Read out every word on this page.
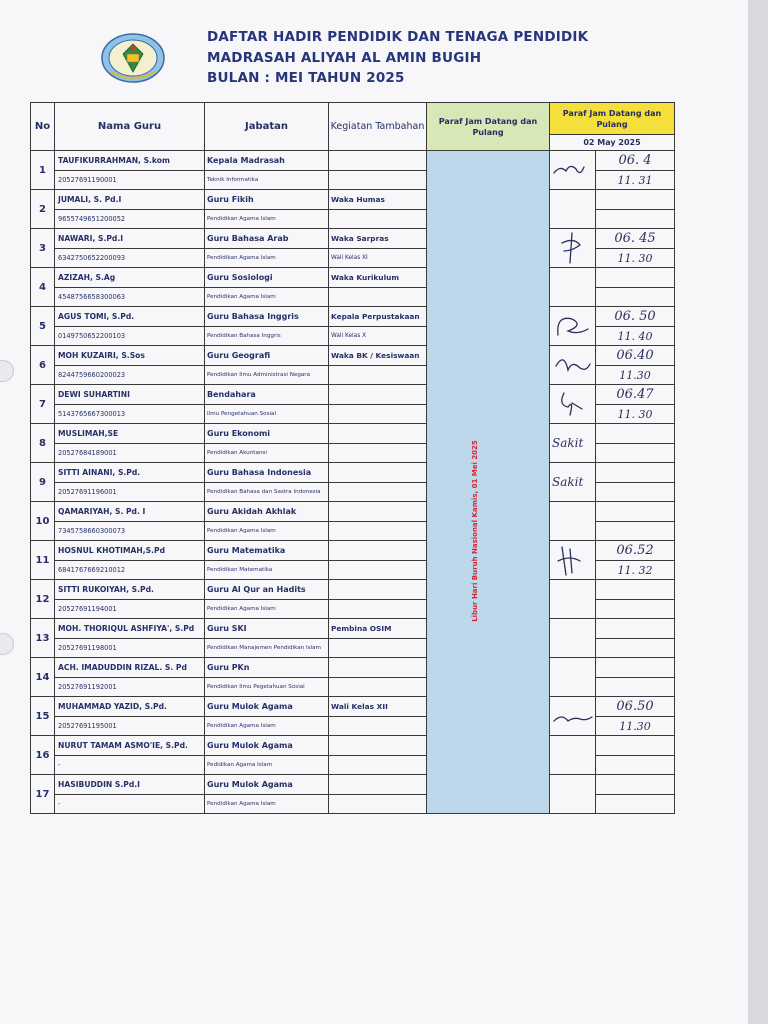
DAFTAR HADIR PENDIDIK DAN TENAGA PENDIDIK
MADRASAH ALIYAH AL AMIN BUGIH
BULAN : MEI TAHUN 2025
No	Nama Guru	Jabatan	Kegiatan Tambahan	Paraf Jam Datang dan Pulang	Paraf Jam Datang dan Pulang	
					02 May 2025	
1	TAUFIKURRAHMAN, S.kom	Kepala Madrasah		Libur Hari Buruh Nasional Kamis, 01 Mei 2025		06. 4
	20527691190001	Teknik Informatika				11. 31
2	JUMALI, S. Pd.I	Guru Fikih	Waka Humas		

	9655749651200052	Pendidikan Agama Islam				
3	NAWARI, S.Pd.I	Guru Bahasa Arab	Waka Sarpras			06. 45
	6342750652200093	Pendidikan Agama Islam	Wali Kelas XI			11. 30
4	AZIZAH, S.Ag	Guru Sosiologi	Waka Kurikulum		

	4548756658300063	Pendidikan Agama Islam				
5	AGUS TOMI, S.Pd.	Guru Bahasa Inggris	Kepala Perpustakaan			06. 50
	0149750652200103	Pendidikan Bahasa Inggris	Wali Kelas X			11. 40
6	MOH KUZAIRI, S.Sos	Guru Geografi	Waka BK / Kesiswaan			06.40
	8244759660200023	Pendidikan Ilmu Administrasi Negara				11.30
7	DEWI SUHARTINI	Bendahara				06.47
	5143765667300013	Ilmu Pengetahuan Sosial				11. 30
8	MUSLIMAH,SE	Guru Ekonomi			Sakit	

	20527684189001	Pendidikan Akuntansi				
9	SITTI AINANI, S.Pd.	Guru Bahasa Indonesia			Sakit	

	20527691196001	Pendidikan Bahasa dan Sastra Indonesia				
10	QAMARIYAH, S. Pd. I	Guru Akidah Akhlak			

	7345758660300073	Pendidikan Agama Islam				
11	HOSNUL KHOTIMAH,S.Pd	Guru Matematika				06.52
	6841767669210012	Pendidikan Matematika				11. 32
12	SITTI RUKOIYAH, S.Pd.	Guru Al Qur an Hadits			

	20527691194001	Pendidikan Agama Islam				
13	MOH. THORIQUL ASHFIYA', S.Pd	Guru SKI	Pembina OSIM		

	20527691198001	Pendidikan Manajemen Pendidikan Islam				
14	ACH. IMADUDDIN RIZAL. S. Pd	Guru PKn			

	20527691192001	Pendidikan Ilmu Pegetahuan Sosial				
15	MUHAMMAD YAZID, S.Pd.	Guru Mulok Agama	Wali Kelas XII			06.50
	20527691195001	Pendidikan Agama Islam				11.30
16	NURUT TAMAM ASMO'IE, S.Pd.	Guru Mulok Agama			

	-	Pedidikan Agama Islam				
17	HASIBUDDIN S.Pd.I	Guru Mulok Agama			

	-	Pendidikan Agama Islam				
